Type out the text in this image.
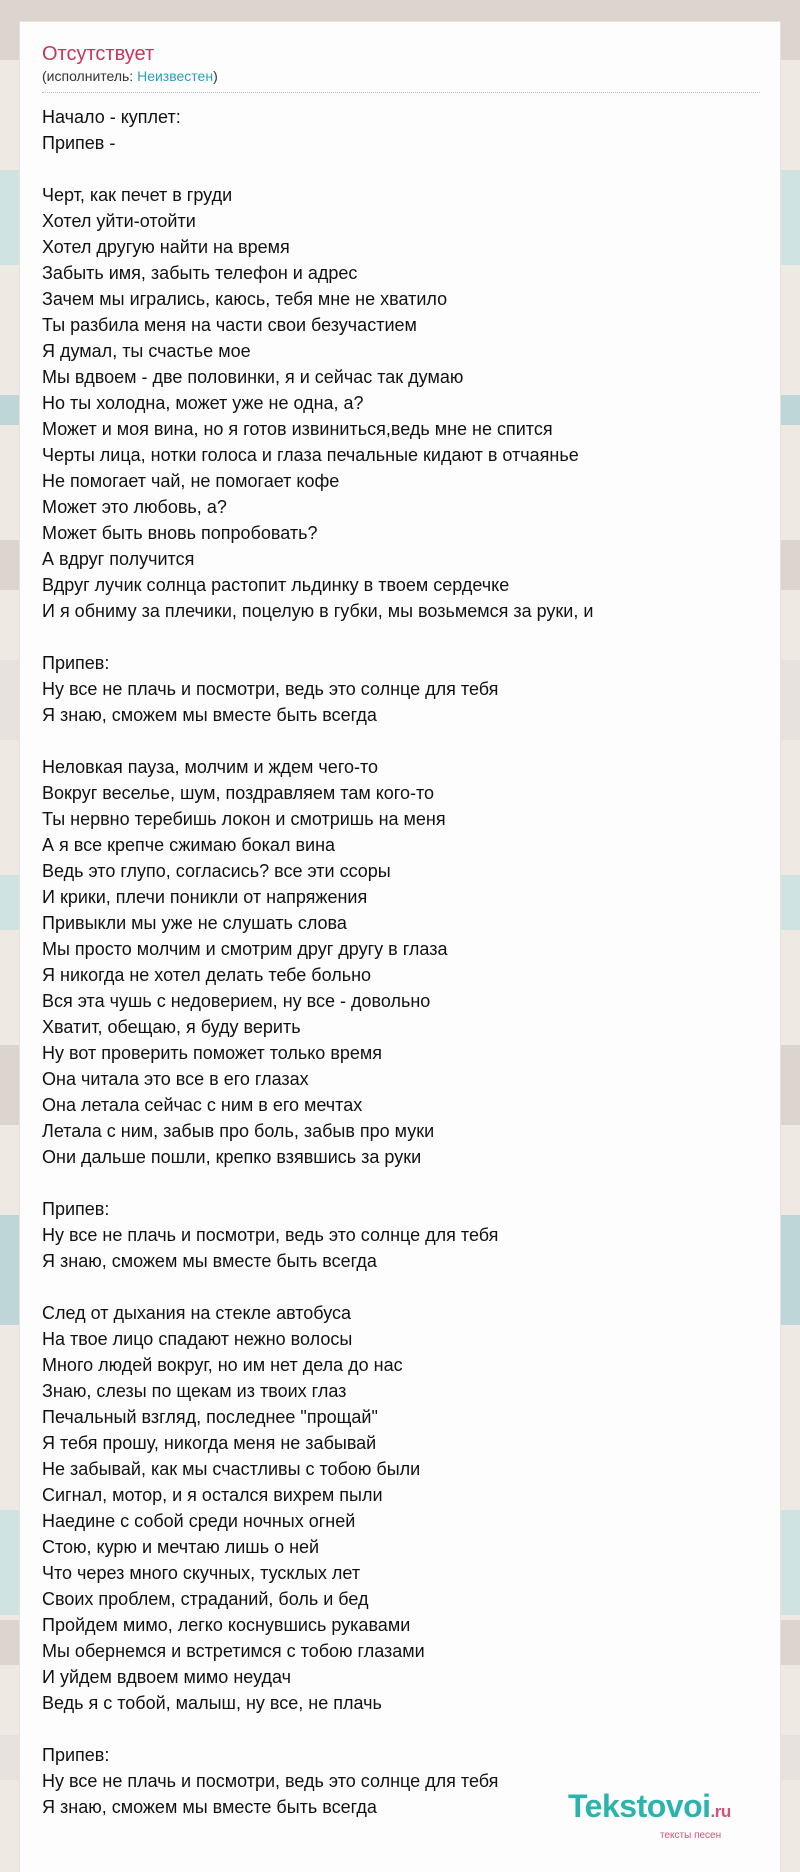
Отсутствует
(исполнитель: Неизвестен)
Начало - куплет:
Припев -

Черт, как печет в груди
Хотел уйти-отойти
Хотел другую найти на время
Забыть имя, забыть телефон и адрес
Зачем мы игрались, каюсь, тебя мне не хватило
Ты разбила меня на части свои безучастием
Я думал, ты счастье мое
Мы вдвоем - две половинки, я и сейчас так думаю
Но ты холодна, может уже не одна, а?
Может и моя вина, но я готов извиниться,ведь мне не спится
Черты лица, нотки голоса и глаза печальные кидают в отчаянье
Не помогает чай, не помогает кофе
Может это любовь, а?
Может быть вновь попробовать?
А вдруг получится
Вдруг лучик солнца растопит льдинку в твоем сердечке
И я обниму за плечики, поцелую в губки, мы возьмемся за руки, и

Припев:
Ну все не плачь и посмотри, ведь это солнце для тебя
Я знаю, сможем мы вместе быть всегда

Неловкая пауза, молчим и ждем чего-то
Вокруг веселье, шум, поздравляем там кого-то
Ты нервно теребишь локон и смотришь на меня
А я все крепче сжимаю бокал вина
Ведь это глупо, согласись? все эти ссоры
И крики, плечи поникли от напряжения
Привыкли мы уже не слушать слова
Мы просто молчим и смотрим друг другу в глаза
Я никогда не хотел делать тебе больно
Вся эта чушь с недоверием, ну все - довольно
Хватит, обещаю, я буду верить
Ну вот проверить поможет только время
Она читала это все в его глазах
Она летала сейчас с ним в его мечтах
Летала с ним, забыв про боль, забыв про муки
Они дальше пошли, крепко взявшись за руки

Припев:
Ну все не плачь и посмотри, ведь это солнце для тебя
Я знаю, сможем мы вместе быть всегда

След от дыхания на стекле автобуса
На твое лицо спадают нежно волосы
Много людей вокруг, но им нет дела до нас
Знаю, слезы по щекам из твоих глаз
Печальный взгляд, последнее "прощай"
Я тебя прошу, никогда меня не забывай
Не забывай, как мы счастливы с тобою были
Сигнал, мотор, и я остался вихрем пыли
Наедине с собой среди ночных огней
Стою, курю и мечтаю лишь о ней
Что через много скучных, тусклых лет
Своих проблем, страданий, боль и бед
Пройдем мимо, легко коснувшись рукавами
Мы обернемся и встретимся с тобою глазами
И уйдем вдвоем мимо неудач
Ведь я с тобой, малыш, ну все, не плачь

Припев:
Ну все не плачь и посмотри, ведь это солнце для тебя
Я знаю, сможем мы вместе быть всегда	Tekstovoi.ru
тексты песен
